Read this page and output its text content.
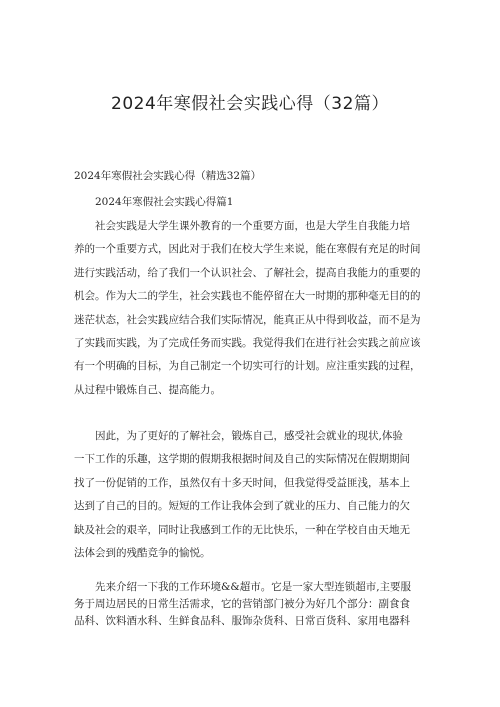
2024年寒假社会实践心得（32篇）
2024年寒假社会实践心得（精选32篇）
2024年寒假社会实践心得篇1
社会实践是大学生课外教育的一个重要方面，也是大学生自我能力培
养的一个重要方式，因此对于我们在校大学生来说，能在寒假有充足的时间
进行实践活动，给了我们一个认识社会、了解社会，提高自我能力的重要的
机会。作为大二的学生，社会实践也不能停留在大一时期的那种毫无目的的
迷茫状态，社会实践应结合我们实际情况，能真正从中得到收益，而不是为
了实践而实践，为了完成任务而实践。我觉得我们在进行社会实践之前应该
有一个明确的目标，为自己制定一个切实可行的计划。应注重实践的过程，
从过程中锻炼自己、提高能力。
因此，为了更好的了解社会，锻炼自己，感受社会就业的现状,体验
一下工作的乐趣，这学期的假期我根据时间及自己的实际情况在假期期间
找了一份促销的工作，虽然仅有十多天时间，但我觉得受益匪浅，基本上
达到了自己的目的。短短的工作让我体会到了就业的压力、自己能力的欠
缺及社会的艰辛，同时让我感到工作的无比快乐，一种在学校自由天地无
法体会到的残酷竞争的愉悦。
先来介绍一下我的工作环境&&超市。它是一家大型连锁超市,主要服
务于周边居民的日常生活需求，它的营销部门被分为好几个部分：副食食
品科、饮料酒水科、生鲜食品科、服饰杂货科、日常百货科、家用电器科
